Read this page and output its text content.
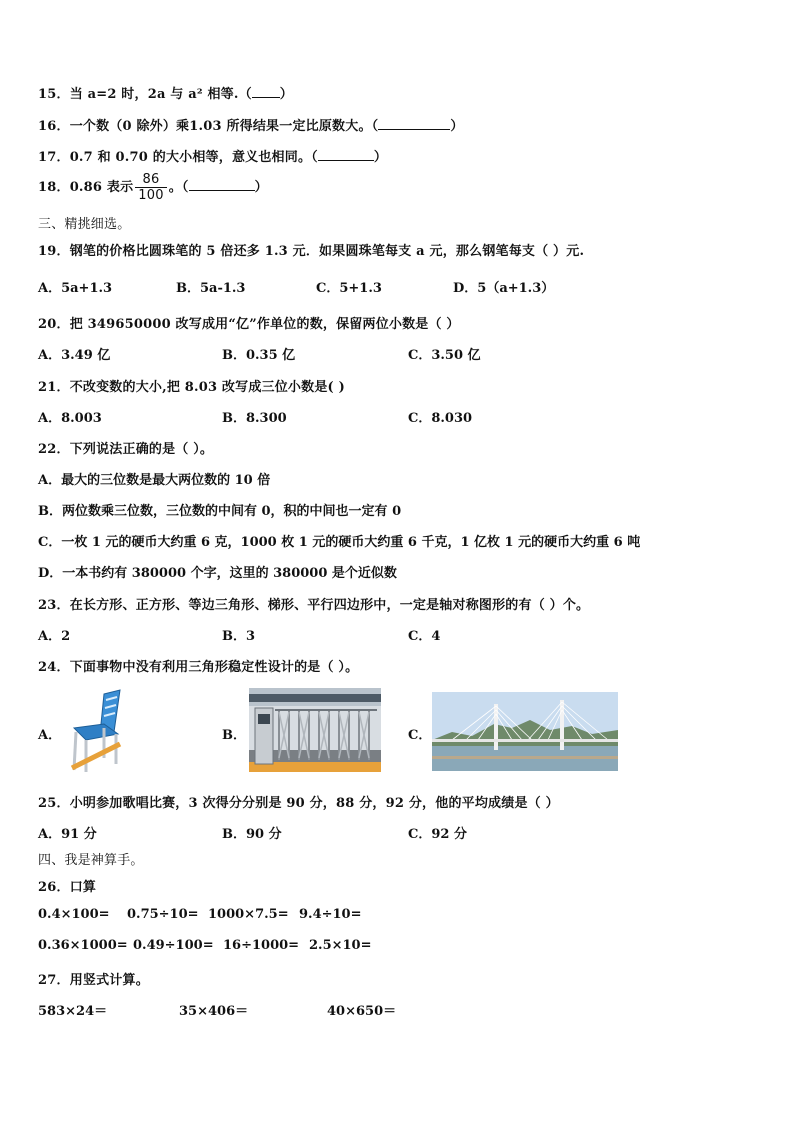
15．当 a=2 时，2a 与 a² 相等.（ ）
16．一个数（0 除外）乘1.03 所得结果一定比原数大。（	）
17．0.7 和 0.70 的大小相等，意义也相同。（	）
18．0.86 表示 $\frac{86}{100}$ 。（	）
三、精挑细选。
19．钢笔的价格比圆珠笔的 5 倍还多 1.3 元．如果圆珠笔每支 a 元，那么钢笔每支（ ）元.
A．5a+1.3	B．5a-1.3	C．5+1.3	D．5（a+1.3）
20．把 349650000 改写成用“亿”作单位的数，保留两位小数是（ ）
A．3.49 亿	B．0.35 亿	C．3.50 亿
21．不改变数的大小,把 8.03 改写成三位小数是( )
A．8.003	B．8.300	C．8.030
22．下列说法正确的是（ ）。
A．最大的三位数是最大两位数的 10 倍
B．两位数乘三位数，三位数的中间有 0，积的中间也一定有 0
C．一枚 1 元的硬币大约重 6 克，1000 枚 1 元的硬币大约重 6 千克，1 亿枚 1 元的硬币大约重 6 吨
D．一本书约有 380000 个字，这里的 380000 是个近似数
23．在长方形、正方形、等边三角形、梯形、平行四边形中，一定是轴对称图形的有（ ）个。
A．2	B．3	C．4
24．下面事物中没有利用三角形稳定性设计的是（ ）。
A．	B．	C．
25．小明参加歌唱比赛，3 次得分分别是 90 分，88 分，92 分，他的平均成绩是（ ）
A．91 分	B．90 分	C．92 分
四、我是神算手。
26．口算
0.4×100= 0.75÷10= 1000×7.5= 9.4÷10=
0.36×1000= 0.49÷100= 16÷1000= 2.5×10=
27．用竖式计算。
583×24＝	35×406＝	40×650＝
